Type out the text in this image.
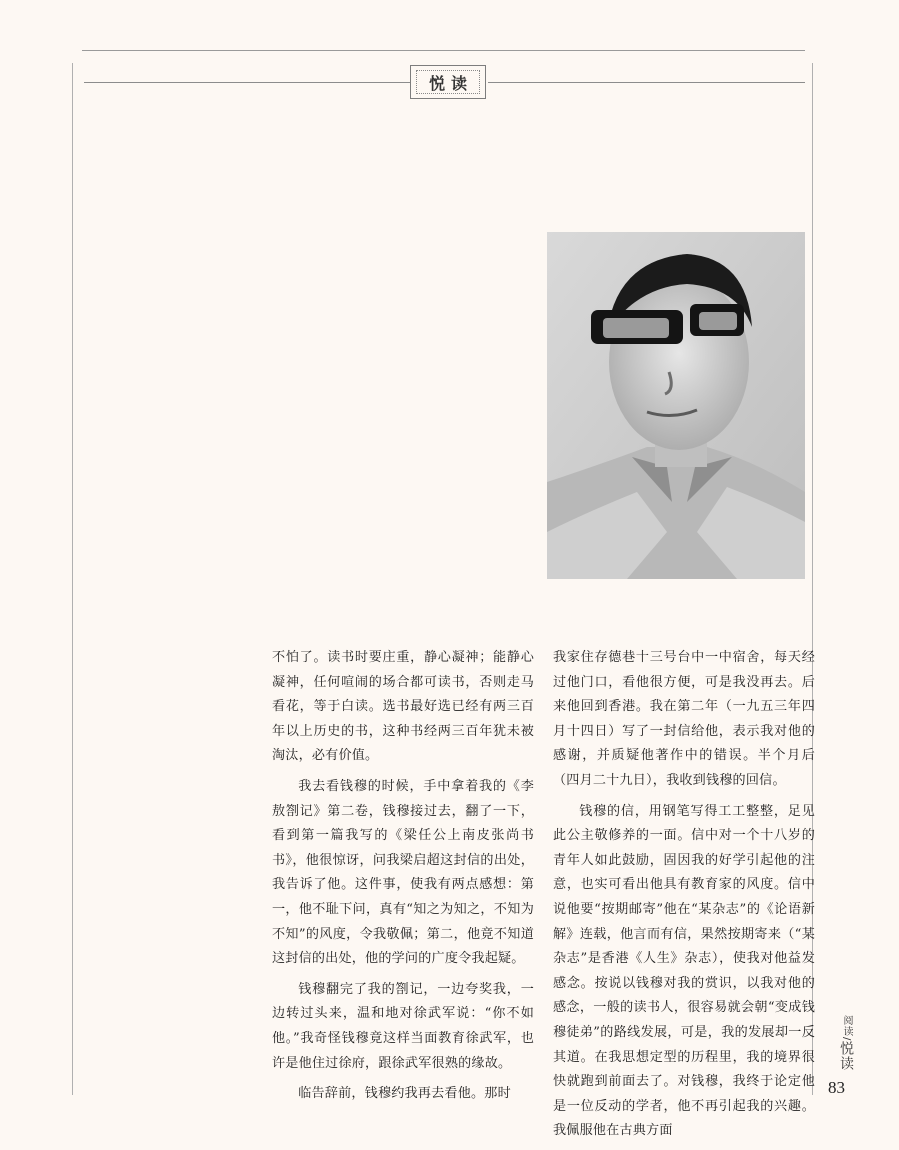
悦读

不怕了。读书时要庄重，静心凝神；能静心凝神，任何喧闹的场合都可读书，否则走马看花，等于白读。选书最好选已经有两三百年以上历史的书，这种书经两三百年犹未被淘汰，必有价值。

我去看钱穆的时候，手中拿着我的《李敖劄记》第二卷，钱穆接过去，翻了一下，看到第一篇我写的《梁任公上南皮张尚书书》，他很惊讶，问我梁启超这封信的出处，我告诉了他。这件事，使我有两点感想：第一，他不耻下问，真有“知之为知之，不知为不知”的风度，令我敬佩；第二，他竟不知道这封信的出处，他的学问的广度令我起疑。

钱穆翻完了我的劄记，一边夸奖我，一边转过头来，温和地对徐武军说：“你不如他。”我奇怪钱穆竟这样当面教育徐武军，也许是他住过徐府，跟徐武军很熟的缘故。

临告辞前，钱穆约我再去看他。那时

我家住存德巷十三号台中一中宿舍，每天经过他门口，看他很方便，可是我没再去。后来他回到香港。我在第二年（一九五三年四月十四日）写了一封信给他，表示我对他的感谢，并质疑他著作中的错误。半个月后（四月二十九日），我收到钱穆的回信。

钱穆的信，用钢笔写得工工整整，足见此公主敬修养的一面。信中对一个十八岁的青年人如此鼓励，固因我的好学引起他的注意，也实可看出他具有教育家的风度。信中说他要“按期邮寄”他在“某杂志”的《论语新解》连载，他言而有信，果然按期寄来（“某杂志”是香港《人生》杂志），使我对他益发感念。按说以钱穆对我的赏识，以我对他的感念，一般的读书人，很容易就会朝“变成钱穆徒弟”的路线发展，可是，我的发展却一反其道。在我思想定型的历程里，我的境界很快就跑到前面去了。对钱穆，我终于论定他是一位反动的学者，他不再引起我的兴趣。我佩服他在古典方面

阅读/悦读
83
